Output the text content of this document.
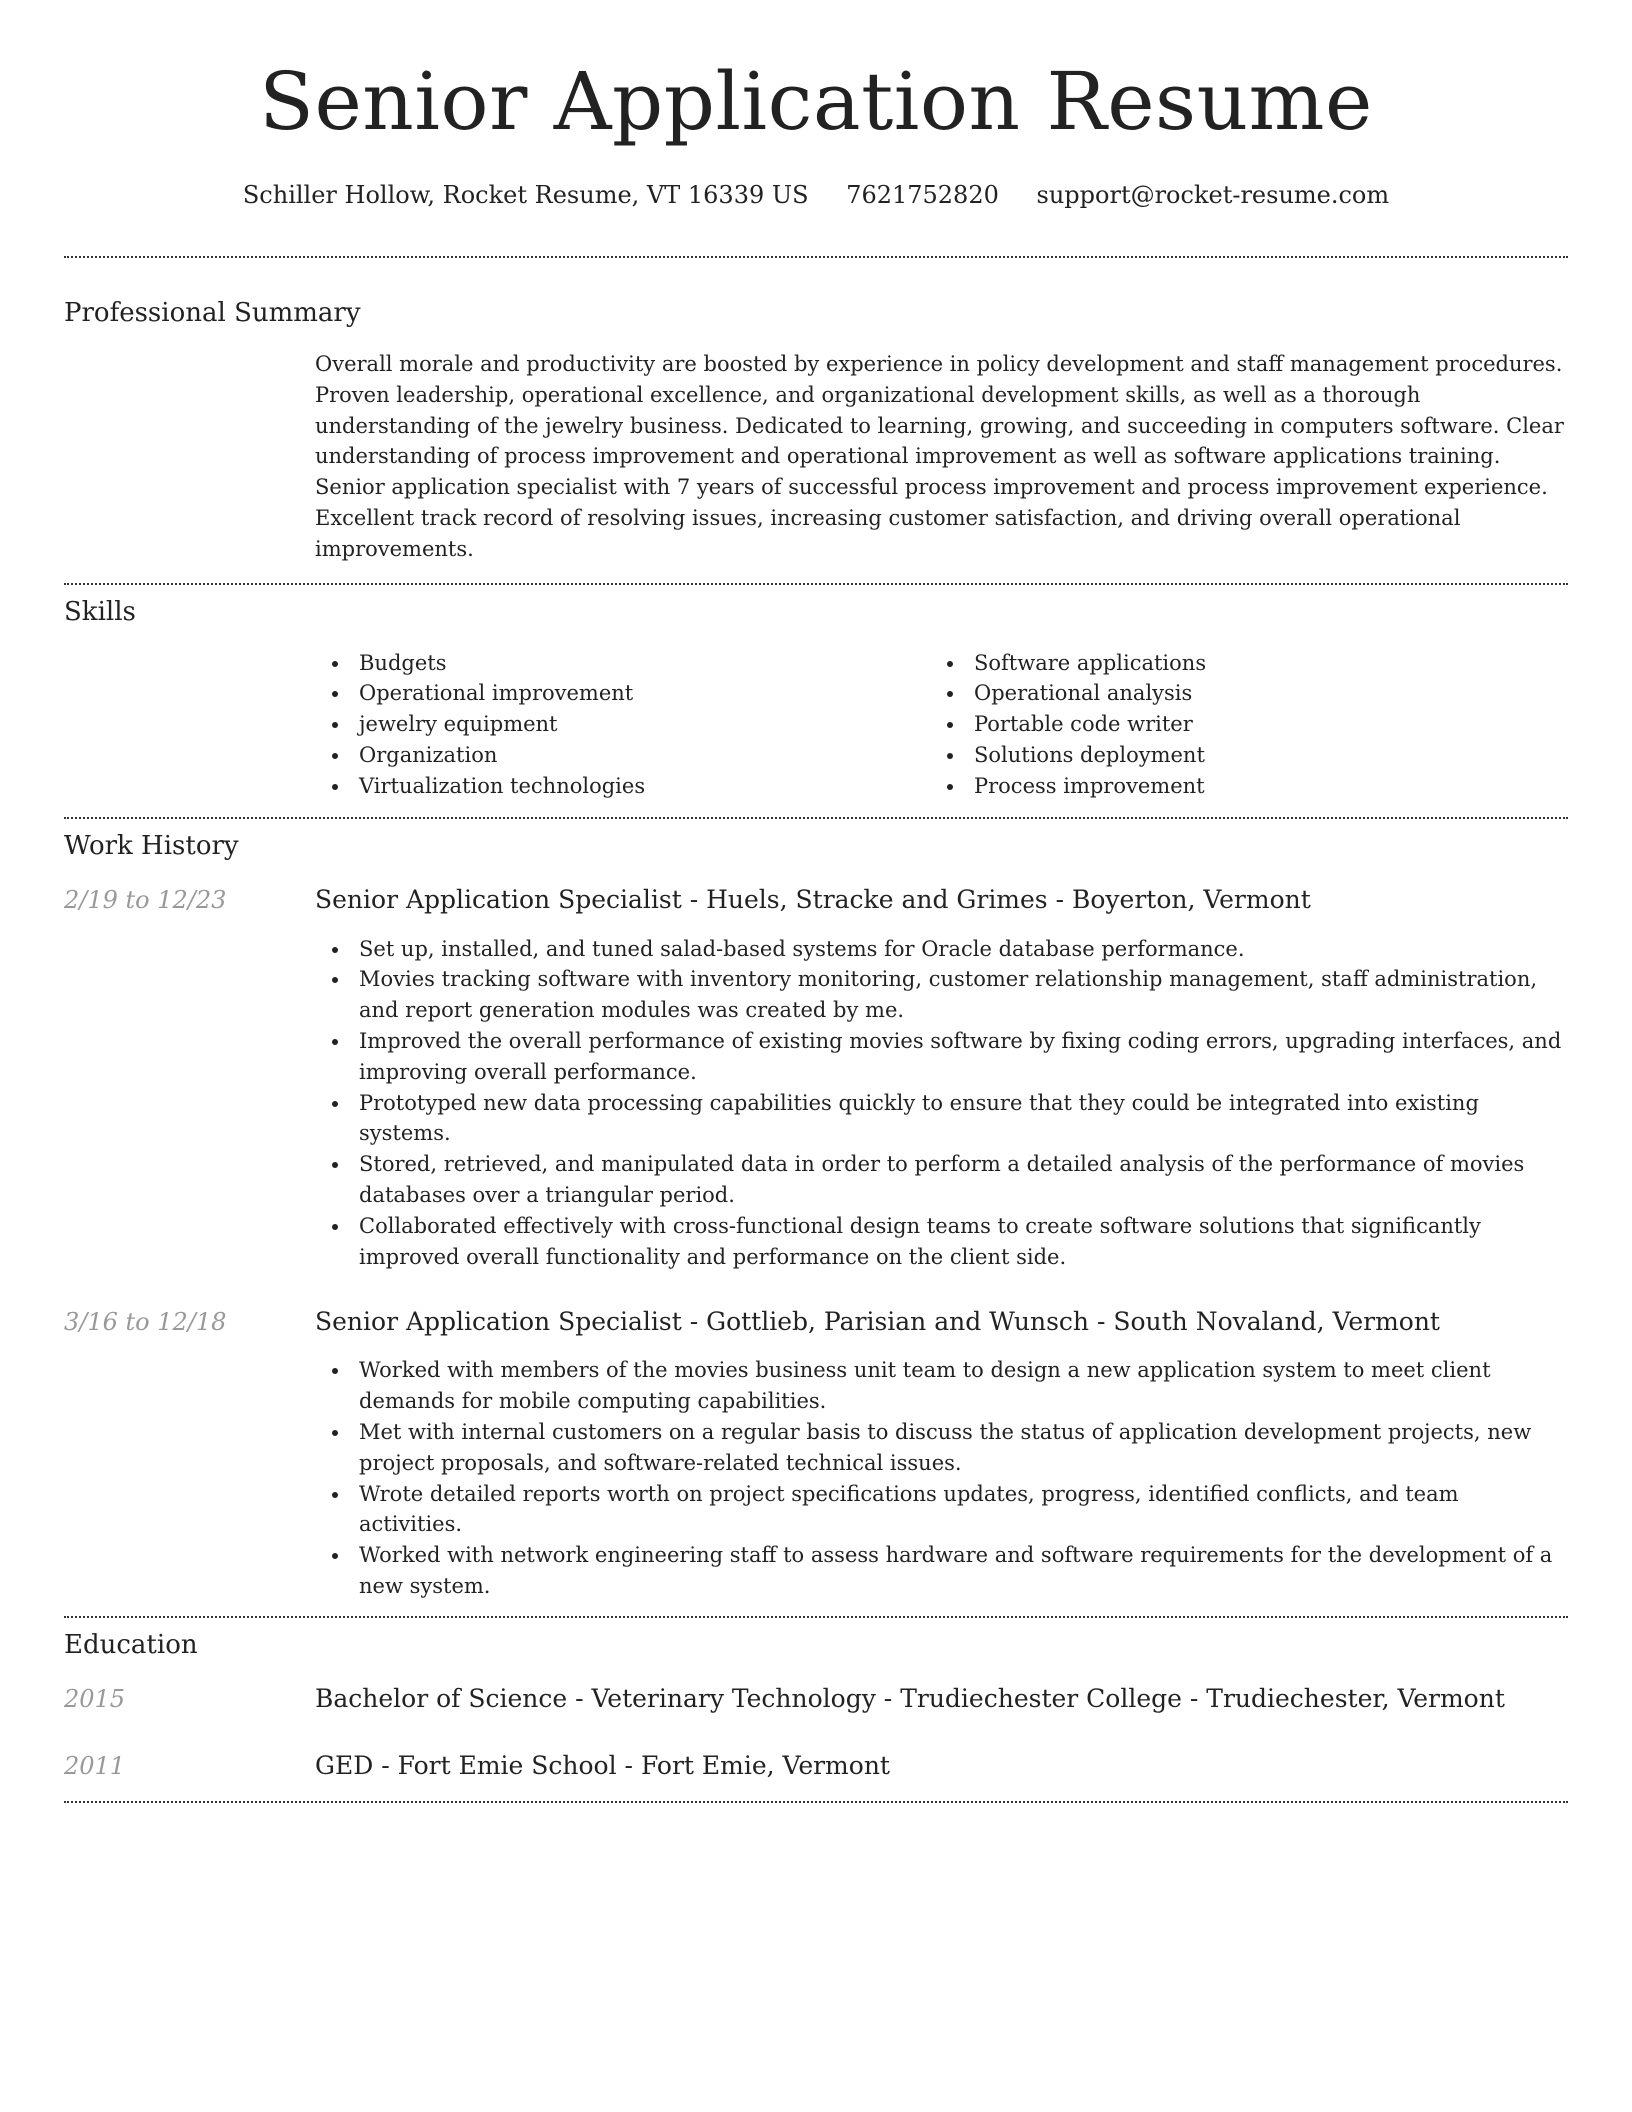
Senior Application Resume
Schiller Hollow, Rocket Resume, VT 16339 US 7621752820 support@rocket-resume.com
Professional Summary

Overall morale and productivity are boosted by experience in policy development and staff management procedures. Proven leadership, operational excellence, and organizational development skills, as well as a thorough understanding of the jewelry business. Dedicated to learning, growing, and succeeding in computers software. Clear understanding of process improvement and operational improvement as well as software applications training. Senior application specialist with 7 years of successful process improvement and process improvement experience. Excellent track record of resolving issues, increasing customer satisfaction, and driving overall operational improvements.

Skills
Budgets
Operational improvement
jewelry equipment
Organization
Virtualization technologies
Software applications
Operational analysis
Portable code writer
Solutions deployment
Process improvement
Work History
2/19 to 12/23	Senior Application Specialist - Huels, Stracke and Grimes - Boyerton, Vermont
Set up, installed, and tuned salad-based systems for Oracle database performance.
Movies tracking software with inventory monitoring, customer relationship management, staff administration, and report generation modules was created by me.
Improved the overall performance of existing movies software by fixing coding errors, upgrading interfaces, and improving overall performance.
Prototyped new data processing capabilities quickly to ensure that they could be integrated into existing systems.
Stored, retrieved, and manipulated data in order to perform a detailed analysis of the performance of movies databases over a triangular period.
Collaborated effectively with cross-functional design teams to create software solutions that significantly improved overall functionality and performance on the client side.
3/16 to 12/18	Senior Application Specialist - Gottlieb, Parisian and Wunsch - South Novaland, Vermont
Worked with members of the movies business unit team to design a new application system to meet client demands for mobile computing capabilities.
Met with internal customers on a regular basis to discuss the status of application development projects, new project proposals, and software-related technical issues.
Wrote detailed reports worth on project specifications updates, progress, identified conflicts, and team activities.
Worked with network engineering staff to assess hardware and software requirements for the development of a new system.
Education
2015	Bachelor of Science - Veterinary Technology - Trudiechester College - Trudiechester, Vermont
2011	GED - Fort Emie School - Fort Emie, Vermont
